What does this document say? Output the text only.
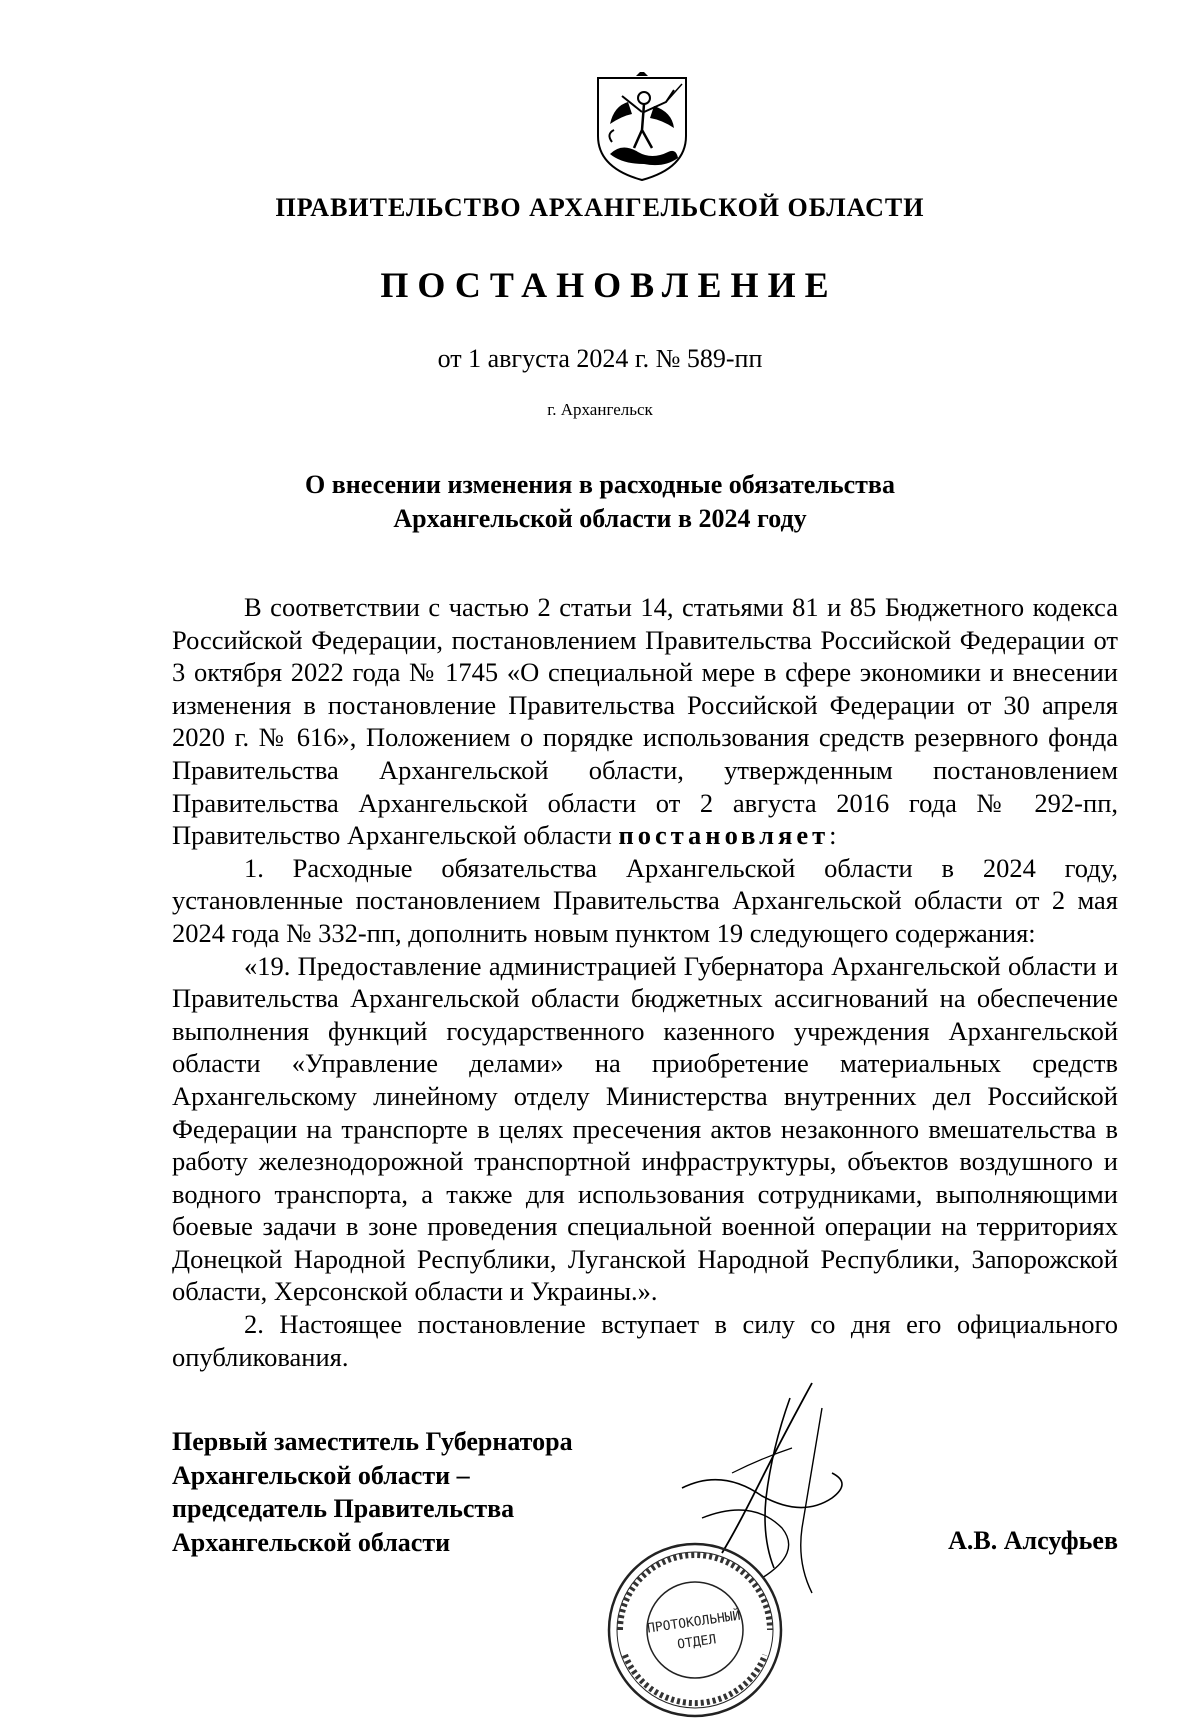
ПРАВИТЕЛЬСТВО АРХАНГЕЛЬСКОЙ ОБЛАСТИ
ПОСТАНОВЛЕНИЕ
от 1 августа 2024 г. № 589-пп
г. Архангельск
О внесении изменения в расходные обязательства
Архангельской области в 2024 году

В соответствии с частью 2 статьи 14, статьями 81 и 85 Бюджетного кодекса Российской Федерации, постановлением Правительства Российской Федерации от 3 октября 2022 года № 1745 «О специальной мере в сфере экономики и внесении изменения в постановление Правительства Российской Федерации от 30 апреля 2020 г. № 616», Положением о порядке использования средств резервного фонда Правительства Архангельской области, утвержденным постановлением Правительства Архангельской области от 2 августа 2016 года № 292-пп, Правительство Архангельской области постановляет:

1. Расходные обязательства Архангельской области в 2024 году, установленные постановлением Правительства Архангельской области от 2 мая 2024 года № 332-пп, дополнить новым пунктом 19 следующего содержания:

«19. Предоставление администрацией Губернатора Архангельской области и Правительства Архангельской области бюджетных ассигнований на обеспечение выполнения функций государственного казенного учреждения Архангельской области «Управление делами» на приобретение материальных средств Архангельскому линейному отделу Министерства внутренних дел Российской Федерации на транспорте в целях пресечения актов незаконного вмешательства в работу железнодорожной транспортной инфраструктуры, объектов воздушного и водного транспорта, а также для использования сотрудниками, выполняющими боевые задачи в зоне проведения специальной военной операции на территориях Донецкой Народной Республики, Луганской Народной Республики, Запорожской области, Херсонской области и Украины.».

2. Настоящее постановление вступает в силу со дня его официального опубликования.

Первый заместитель Губернатора
Архангельской области –
председатель Правительства
Архангельской области	А.В. Алсуфьев
ПРОТОКОЛЬНЫЙ
ОТДЕЛ
